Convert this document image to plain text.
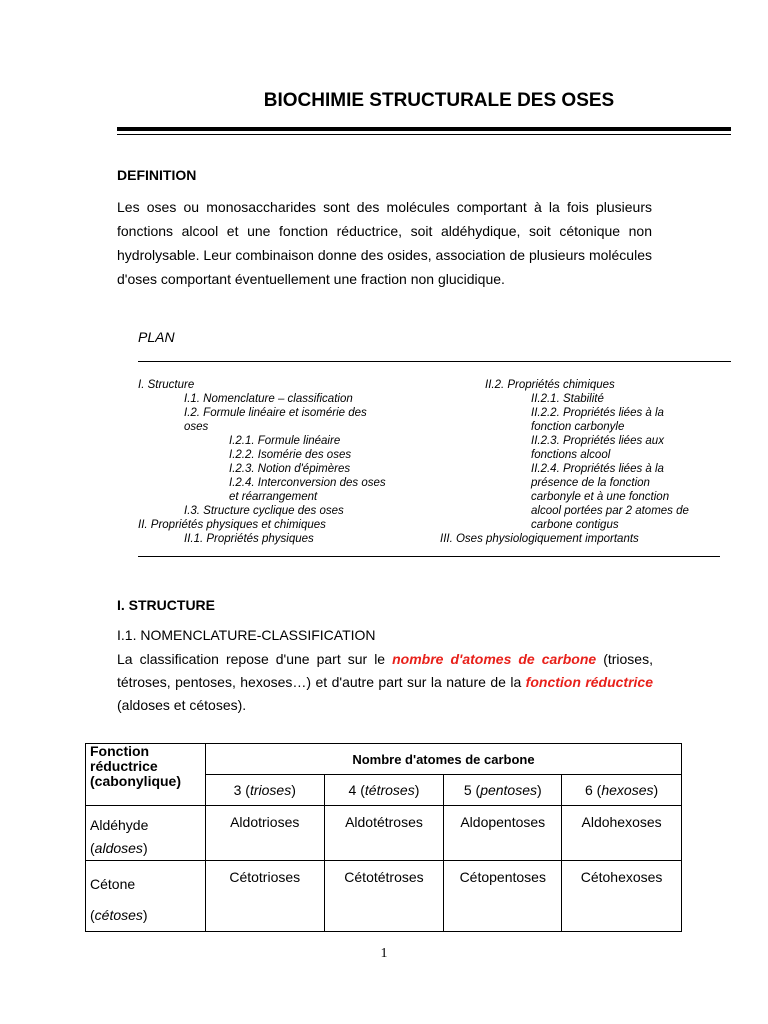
BIOCHIMIE STRUCTURALE DES OSES
DEFINITION
Les oses ou monosaccharides sont des molécules comportant à la fois plusieurs fonctions alcool et une fonction réductrice, soit aldéhydique, soit cétonique non hydrolysable. Leur combinaison donne des osides, association de plusieurs molécules d'oses comportant éventuellement une fraction non glucidique.
PLAN
I. Structure
I.1. Nomenclature – classification
I.2. Formule linéaire et isomérie des
oses
I.2.1. Formule linéaire
I.2.2. Isomérie des oses
I.2.3. Notion d'épimères
I.2.4. Interconversion des oses
et réarrangement
I.3. Structure cyclique des oses
II. Propriétés physiques et chimiques
II.1. Propriétés physiques
II.2. Propriétés chimiques
II.2.1. Stabilité
II.2.2. Propriétés liées à la
fonction carbonyle
II.2.3. Propriétés liées aux
fonctions alcool
II.2.4. Propriétés liées à la
présence de la fonction
carbonyle et à une fonction
alcool portées par 2 atomes de
carbone contigus
III. Oses physiologiquement importants
I. STRUCTURE
I.1. NOMENCLATURE-CLASSIFICATION
La classification repose d'une part sur le nombre d'atomes de carbone (trioses, tétroses, pentoses, hexoses…) et d'autre part sur la nature de la fonction réductrice (aldoses et cétoses).
Fonction réductrice (cabonylique)	Nombre d'atomes de carbone			
	3 (trioses)	4 (tétroses)	5 (pentoses)	6 (hexoses)
Aldéhyde
(aldoses)	Aldotrioses	Aldotétroses	Aldopentoses	Aldohexoses
Cétone
(cétoses)	Cétotrioses	Cétotétroses	Cétopentoses	Cétohexoses
1
